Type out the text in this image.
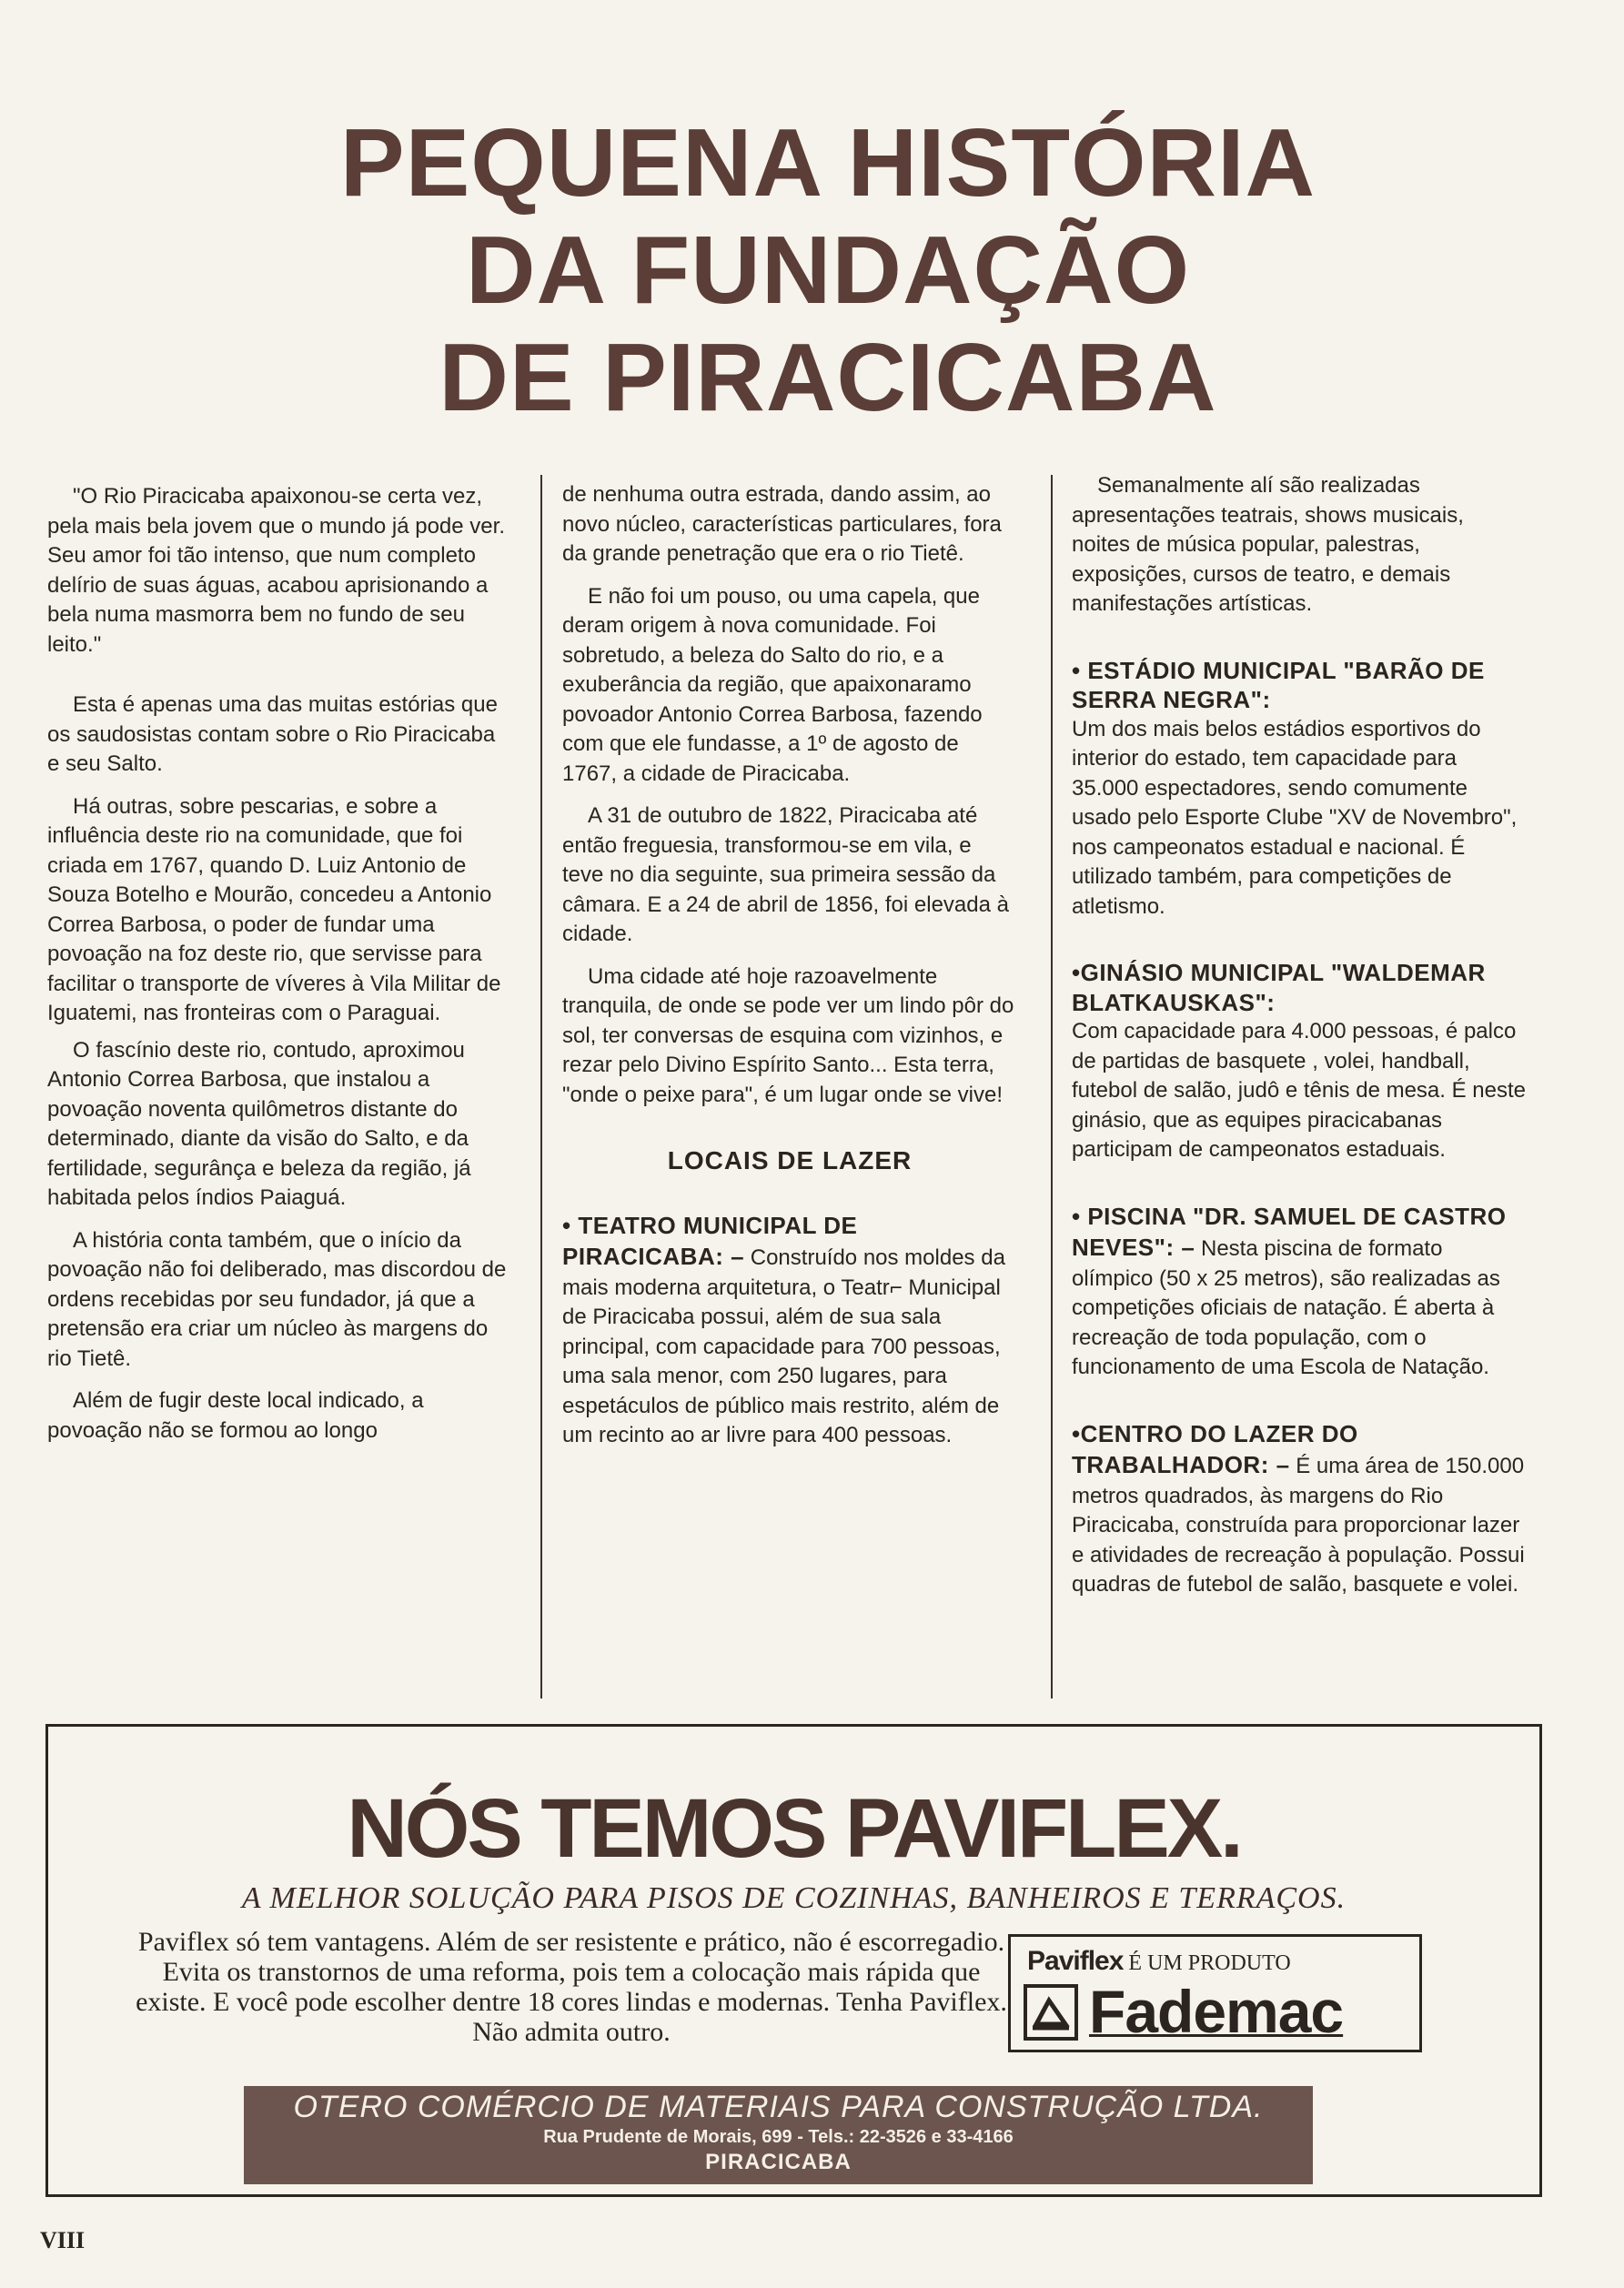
PEQUENA HISTÓRIA
DA FUNDAÇÃO
DE PIRACICABA

"O Rio Piracicaba apaixonou-se certa vez, pela mais bela jovem que o mundo já pode ver. Seu amor foi tão intenso, que num completo delírio de suas águas, acabou aprisionando a bela numa masmorra bem no fundo de seu leito."

Esta é apenas uma das muitas estórias que os saudosistas contam sobre o Rio Piracicaba e seu Salto.

Há outras, sobre pescarias, e sobre a influência deste rio na comunidade, que foi criada em 1767, quando D. Luiz Antonio de Souza Botelho e Mourão, concedeu a Antonio Correa Barbosa, o poder de fundar uma povoação na foz deste rio, que servisse para facilitar o transporte de víveres à Vila Militar de Iguatemi, nas fronteiras com o Paraguai.

O fascínio deste rio, contudo, aproximou Antonio Correa Barbosa, que instalou a povoação noventa quilômetros distante do determinado, diante da visão do Salto, e da fertilidade, segurânça e beleza da região, já habitada pelos índios Paiaguá.

A história conta também, que o início da povoação não foi deliberado, mas discordou de ordens recebidas por seu fundador, já que a pretensão era criar um núcleo às margens do rio Tietê.

Além de fugir deste local indicado, a povoação não se formou ao longo

de nenhuma outra estrada, dando assim, ao novo núcleo, características particulares, fora da grande penetração que era o rio Tietê.

E não foi um pouso, ou uma capela, que deram origem à nova comunidade. Foi sobretudo, a beleza do Salto do rio, e a exuberância da região, que apaixonaramo povoador Antonio Correa Barbosa, fazendo com que ele fundasse, a 1º de agosto de 1767, a cidade de Piracicaba.

A 31 de outubro de 1822, Piracicaba até então freguesia, transformou-se em vila, e teve no dia seguinte, sua primeira sessão da câmara. E a 24 de abril de 1856, foi elevada à cidade.

Uma cidade até hoje razoavelmente tranquila, de onde se pode ver um lindo pôr do sol, ter conversas de esquina com vizinhos, e rezar pelo Divino Espírito Santo... Esta terra, "onde o peixe para", é um lugar onde se vive!

LOCAIS DE LAZER

• TEATRO MUNICIPAL DE PIRACICABA: – Construído nos moldes da mais moderna arquitetura, o Teatr⌐ Municipal de Piracicaba possui, além de sua sala principal, com capacidade para 700 pessoas, uma sala menor, com 250 lugares, para espetáculos de público mais restrito, além de um recinto ao ar livre para 400 pessoas.

Semanalmente alí são realizadas apresentações teatrais, shows musicais, noites de música popular, palestras, exposições, cursos de teatro, e demais manifestações artísticas.

• ESTÁDIO MUNICIPAL "BARÃO DE SERRA NEGRA":
Um dos mais belos estádios esportivos do interior do estado, tem capacidade para 35.000 espectadores, sendo comumente usado pelo Esporte Clube "XV de Novembro", nos campeonatos estadual e nacional. É utilizado também, para competições de atletismo.
•GINÁSIO MUNICIPAL "WALDEMAR BLATKAUSKAS":
Com capacidade para 4.000 pessoas, é palco de partidas de basquete , volei, handball, futebol de salão, judô e tênis de mesa. É neste ginásio, que as equipes piracicabanas participam de campeonatos estaduais.
• PISCINA "DR. SAMUEL DE CASTRO NEVES": – Nesta piscina de formato olímpico (50 x 25 metros), são realizadas as competições oficiais de natação. É aberta à recreação de toda população, com o funcionamento de uma Escola de Natação.
•CENTRO DO LAZER DO TRABALHADOR: – É uma área de 150.000 metros quadrados, às margens do Rio Piracicaba, construída para proporcionar lazer e atividades de recreação à população. Possui quadras de futebol de salão, basquete e volei.
NÓS TEMOS PAVIFLEX.
A MELHOR SOLUÇÃO PARA PISOS DE COZINHAS, BANHEIROS E TERRAÇOS.
Paviflex só tem vantagens. Além de ser resistente e prático, não é escorregadio. Evita os transtornos de uma reforma, pois tem a colocação mais rápida que existe. E você pode escolher dentre 18 cores lindas e modernas. Tenha Paviflex. Não admita outro.
Paviflex É UM PRODUTO
Fademac
OTERO COMÉRCIO DE MATERIAIS PARA CONSTRUÇÃO LTDA.
Rua Prudente de Morais, 699 - Tels.: 22-3526 e 33-4166
PIRACICABA
VIII
